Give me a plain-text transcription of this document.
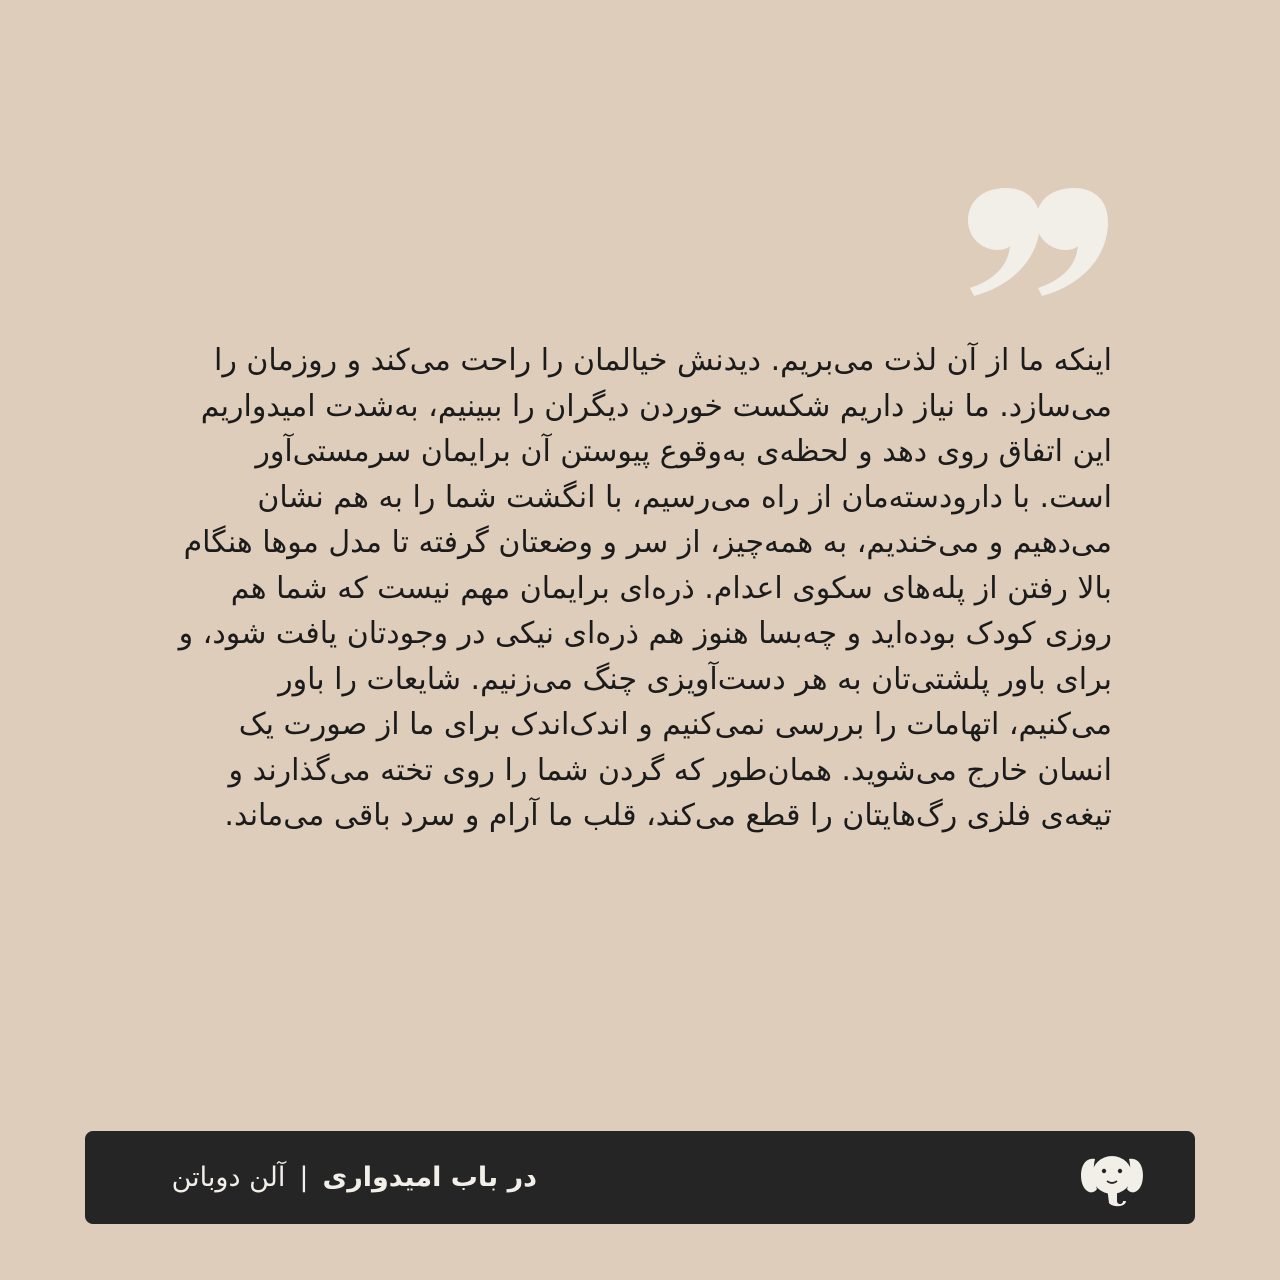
اینکه ما از آن لذت می‌بریم. دیدنش خیالمان را راحت می‌کند و روزمان را می‌سازد. ما نیاز داریم شکست خوردن دیگران را ببینیم، به‌شدت امیدواریم این اتفاق روی دهد و لحظه‌ی به‌وقوع پیوستن آن برایمان سرمستی‌آور است. با دارودسته‌مان از راه می‌رسیم، با انگشت شما را به هم نشان می‌دهیم و می‌خندیم، به همه‌چیز، از سر و وضعتان گرفته تا مدل موها هنگام بالا رفتن از پله‌های سکوی اعدام. ذره‌ای برایمان مهم نیست که شما هم روزی کودک بوده‌اید و چه‌بسا هنوز هم ذره‌ای نیکی در وجودتان یافت شود، و برای باور پلشتی‌تان به هر دست‌آویزی چنگ می‌زنیم. شایعات را باور می‌کنیم، اتهامات را بررسی نمی‌کنیم و اندک‌اندک برای ما از صورت یک انسان خارج می‌شوید. همان‌طور که گردن شما را روی تخته می‌گذارند و تیغه‌ی فلزی رگ‌هایتان را قطع می‌کند، قلب ما آرام و سرد باقی می‌ماند.

در باب امیدواری
|
آلن دوباتن
